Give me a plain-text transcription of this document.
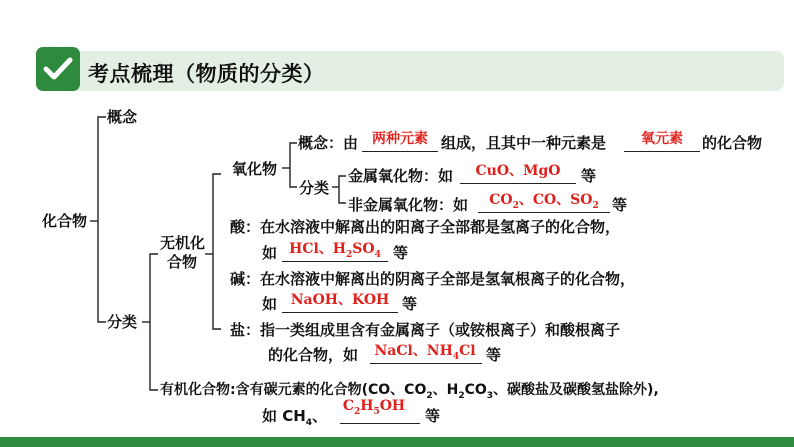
考点梳理（物质的分类）
化合物
概念
分类
无机化
合物
氧化物
概念：由 两种元素 组成，且其中一种元素是	氧元素	的化合物
分类
金属氧化物：如	CuO、MgO	等
非金属氧化物：如	$CO_2$、CO、$SO_2$ 等
酸：在水溶液中解离出的阳离子全部都是氢离子的化合物，
如 HCl、$H_2SO_4$ 等
碱：在水溶液中解离出的阴离子全部是氢氧根离子的化合物，
如 NaOH、KOH 等
盐：指一类组成里含有金属离子（或铵根离子）和酸根离子
的化合物，如 NaCl、$NH_4Cl$ 等
有机化合物:含有碳元素的化合物(CO、$CO_2$、$H_2CO_3$、碳酸盐及碳酸氢盐除外),
如 $CH_4$、
$C_2H_5OH$
等
